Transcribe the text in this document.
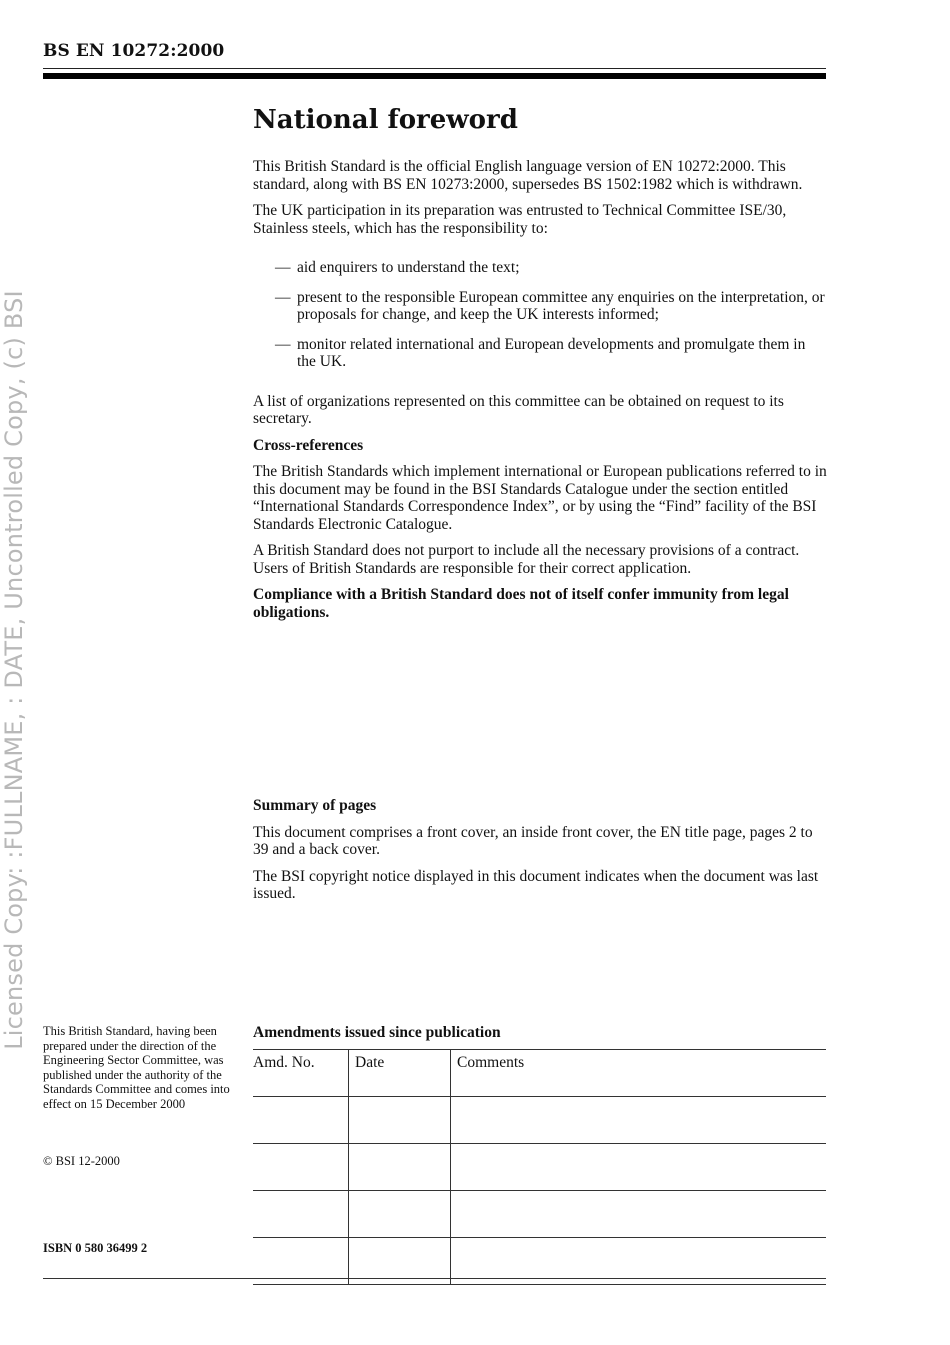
BS EN 10272:2000
Licensed Copy: :FULLNAME, : DATE, Uncontrolled Copy, (c) BSI
National foreword

This British Standard is the official English language version of EN 10272:2000. This standard, along with BS EN 10273:2000, supersedes BS 1502:1982 which is withdrawn.

The UK participation in its preparation was entrusted to Technical Committee ISE/30, Stainless steels, which has the responsibility to:

— aid enquirers to understand the text;
— present to the responsible European committee any enquiries on the interpretation, or proposals for change, and keep the UK interests informed;
— monitor related international and European developments and promulgate them in the UK.

A list of organizations represented on this committee can be obtained on request to its secretary.

Cross-references

The British Standards which implement international or European publications referred to in this document may be found in the BSI Standards Catalogue under the section entitled “International Standards Correspondence Index”, or by using the “Find” facility of the BSI Standards Electronic Catalogue.

A British Standard does not purport to include all the necessary provisions of a contract. Users of British Standards are responsible for their correct application.

Compliance with a British Standard does not of itself confer immunity from legal obligations.

Summary of pages

This document comprises a front cover, an inside front cover, the EN title page, pages 2 to 39 and a back cover.

The BSI copyright notice displayed in this document indicates when the document was last issued.

This British Standard, having been prepared under the direction of the Engineering Sector Committee, was published under the authority of the Standards Committee and comes into effect on 15 December 2000
© BSI 12-2000
ISBN 0 580 36499 2
Amendments issued since publication
Amd. No.	Date	Comments
